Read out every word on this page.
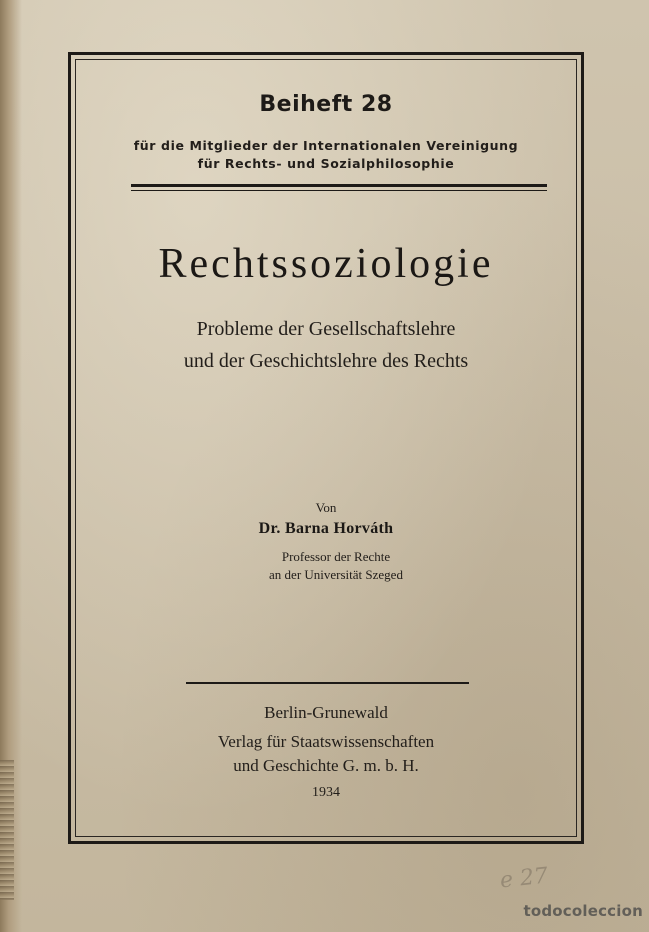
Beiheft 28
für die Mitglieder der Internationalen Vereinigung
für Rechts- und Sozialphilosophie
Rechtssoziologie
Probleme der Gesellschaftslehre
und der Geschichtslehre des Rechts
Von
Dr. Barna Horváth
Professor der Rechte
an der Universität Szeged
Berlin-Grunewald
Verlag für Staatswissenschaften
und Geschichte G. m. b. H.
1934
e 27
todocoleccion
